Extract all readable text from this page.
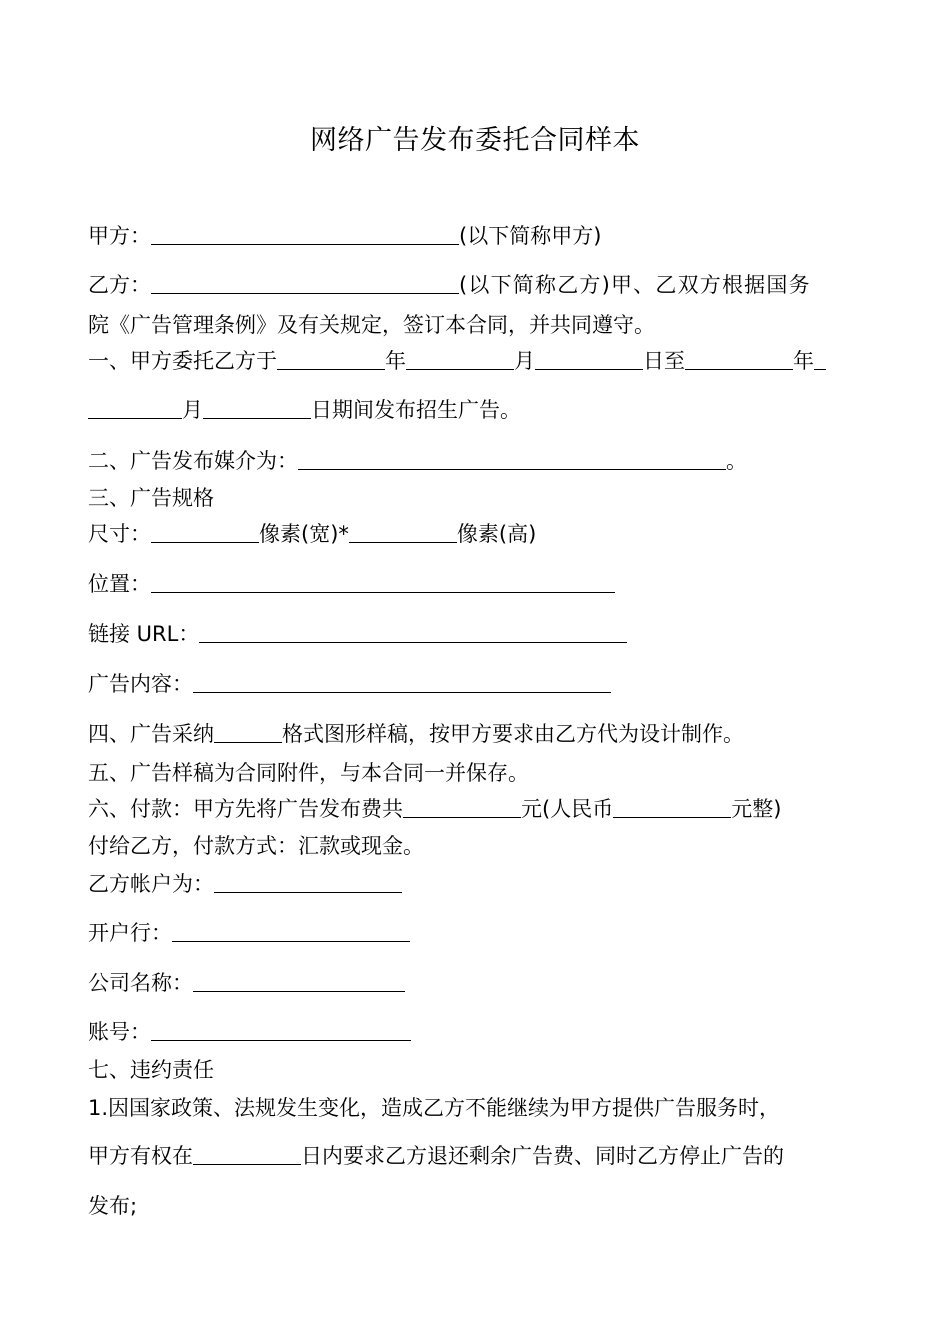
网络广告发布委托合同样本
甲方：	(以下简称甲方)
乙方：	(以下简称乙方)甲、乙双方根据国务
院《广告管理条例》及有关规定，签订本合同，并共同遵守。
一、甲方委托乙方于	年	月	日至	年
月	日期间发布招生广告。
二、广告发布媒介为：	。
三、广告规格
尺寸：	像素(宽)*	像素(高)
位置：
链接 URL：
广告内容：
四、广告采纳	格式图形样稿，按甲方要求由乙方代为设计制作。
五、广告样稿为合同附件，与本合同一并保存。
六、付款：甲方先将广告发布费共	元(人民币	元整)
付给乙方，付款方式：汇款或现金。
乙方帐户为：
开户行：
公司名称：
账号：
七、违约责任
1.因国家政策、法规发生变化，造成乙方不能继续为甲方提供广告服务时，
甲方有权在	日内要求乙方退还剩余广告费、同时乙方停止广告的
发布;
